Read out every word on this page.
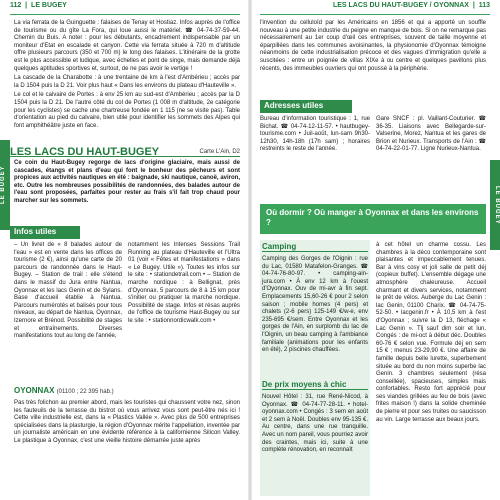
112  |  LE BUGEY
LE BUGEY

La via ferrata de la Guinguette : falaises de Tenay et Hostiaz. Infos auprès de l'office de tourisme ou du gîte La Fora, qui loue aussi le matériel. ☎ 04-74-37-59-44. Chemin du Buis. A noter : pour les débutants, encadrement indispensable par un moniteur d'Etat en escalade et canyon. Cette via ferrata située à 720 m d'altitude offre plusieurs parcours (350 et 700 m) le long des falaises. L'itinéraire de la grotte est le plus accessible et ludique, avec échelles et pont de singe, mais demande déjà quelques aptitudes sportives et, surtout, de ne pas avoir le vertige !

La cascade de la Charabotte : à une trentaine de km à l'est d'Ambérieu ; accès par la D 1504 puis la D 21. Voir plus haut « Dans les environs du plateau d'Hauteville ».

Le col et le calvaire de Portes : à env 25 km au sud-est d'Ambérieu ; accès par la D 1504 puis la D 21. De l'autre côté du col de Portes (1 008 m d'altitude, 2e catégorie pour les cyclistes) se cache une chartreuse fondée en 1 115 (ne se visite pas). Table d'orientation au pied du calvaire, bien utile pour identifier les sommets des Alpes qui font amphithéâtre juste en face.

LES LACS DU HAUT-BUGEY	Carte L'Ain, D2
Ce coin du Haut-Bugey regorge de lacs d'origine glaciaire, mais aussi de cascades, étangs et plans d'eau qui font le bonheur des pêcheurs et sont propices aux activités nautiques en été : baignade, ski nautique, canoë, aviron, etc. Outre les nombreuses possibilités de randonnées, des balades autour de l'eau sont proposées, parfaites pour rester au frais s'il fait trop chaud pour marcher sur les sommets.
Infos utiles
– Un livret de « 8 balades autour de l'eau » est en vente dans les offices de tourisme (2 €), ainsi qu'une carte de 20 parcours de randonnée dans le Haut-Bugey. – Station de trail : elle s'étend dans le massif du Jura entre Nantua, Oyonnax et les lacs Genin et de Sylans. Base d'accueil établie à Nantua. Parcours numérotés et balisés pour tous niveaux, au départ de Nantua, Oyonnax, Izernore et Brénod. Possibilité de stages et entraînements. Diverses manifestations tout au long de l'année,
notamment les Intenses Sessions Trail Running au plateau d'Hauteville et l'Ultra 01 (voir « Fêtes et manifestations » dans « Le Bugey. Utile »). Toutes les infos sur le site : • stationdetrail.com • – Station de marche nordique : à Bellignat, près d'Oyonnax. 5 parcours de 8 à 15 km pour s'initier ou pratiquer la marche nordique. Possibilité de stage. Infos et résas auprès de l'office de tourisme Haut-Bugey ou sur le site : • stationnordicwalk.com •
OYONNAX (01100 ; 22 395 hab.)
Pas très folichon au premier abord, mais les touristes qui chaussent votre nez, sinon les fauteuils de la terrasse du bistrot où vous arrivez vous sont peut-être nés ici ! Cette ville industrielle est, dans la « Plastics Vallée ». Avec plus de 500 entreprises spécialisées dans la plasturgie, la région d'Oyonnax mérite l'appellation, inventée par un journaliste américain en une évidente référence à la californienne Silicon Valley. Le plastique à Oyonnax, c'est une vieille histoire démarrée juste après
LES LACS DU HAUT-BUGEY / OYONNAX  |  113
LE BUGEY
l'invention du celluloïd par les Américains en 1856 et qui a apporté un souffle nouveau à une petite industrie du peigne en manque de bois. Si on ne remarque pas nécessairement au 1er coup d'œil ces entreprises, souvent de taille moyenne et éparpillées dans les communes avoisinantes, la physionomie d'Oyonnax témoigne néanmoins de cette industrialisation précoce et des vagues d'immigration qu'elle a suscitées : entre un poignée de villas XIXe à ou centre et quelques pavillons plus récents, des immeubles ouvriers qui ont poussé à la périphérie.
Adresses utiles
Bureau d'information touristique : 1, rue Bichat. ☎ 04-74-12-11-57. • hautbugey-tourisme.com • Juil-août, lun-sam 9h30-12h30, 14h-18h (17h sam) ; horaires restreints le reste de l'année.
Gare SNCF : pl. Vaillant-Couturier. ☎ 36-35. Liaisons avec Bellegarde-sur-Valserine, Morez, Nantua et les gares de Brion et Nurieux. Transports de l'Ain : ☎ 04-74-22-01-77. Ligne Nurieux-Nantua.
Où dormir ? Où manger à Oyonnax et dans les environs ?
Camping
Camping des Gorges de l'Oignin : rue du Lac, 01580 Matafelon-Granges. ☎ 04-74-76-80-97. • camping-ain-jura.com • À env 12 km à l'ouest d'Oyonnax. Ouv de mi-avr à fin sept. Emplacements 15,60-26 € pour 2 selon saison ; mobile homes (4 pers) et chalets (2-6 pers) 125-149 €/w-e, env 235-695 €/sem. Entre Oyonnax et les gorges de l'Ain, en surplomb du lac de l'Oignin, un beau camping à l'ambiance familiale (animations pour les enfants en été), 2 piscines chauffées.
De prix moyens à chic
Nouvel Hôtel : 31, rue René-Nicod, à Oyonnax. ☎ 04-74-77-28-11. • hotel-oyonnax.com • Congés : 3 sem en août et 2 sem à Noël. Doubles env 95-135 €. Au centre, dans une rue tranquille. Avec un nom pareil, vous pourriez avoir des craintes, mais ici, suite à une complète rénovation, en reconnaît
à cet hôtel un charme cossu. Les chambres à la déco contemporaine sont plaisantes et impeccablement tenues. Bar à vins cosy et joli salle de petit déj (copieux buffet). L'ensemble dégage une atmosphère chaleureuse. Accueil charmant et divers services, notamment le prêt de vélos. Auberge du Lac Genin : lac Genin, 01100 Charix. ☎ 04-74-75-52-50. • lacgenin.fr • À 10,5 km à l'est d'Oyonnax ; suivre la D 13, fléchage « Lac Genin ». Tlj sauf dim soir et lun. Congés : de mi-oct à début déc. Doubles 60-76 € selon vue. Formule déj en sem 15 € ; menus 23-29,90 €. Une affaire de famille depuis belle lurette, superbement située au bord du non moins superbe lac Genin. 3 chambres seulement (résa conseillée), spacieuses, simples mais confortables. Resto fort apprécié pour ses viandes grillées au feu de bois (avec frites maison !) dans la solide cheminée de pierre et pour ses truites ou saucisson au vin. Large terrasse aux beaux jours.
